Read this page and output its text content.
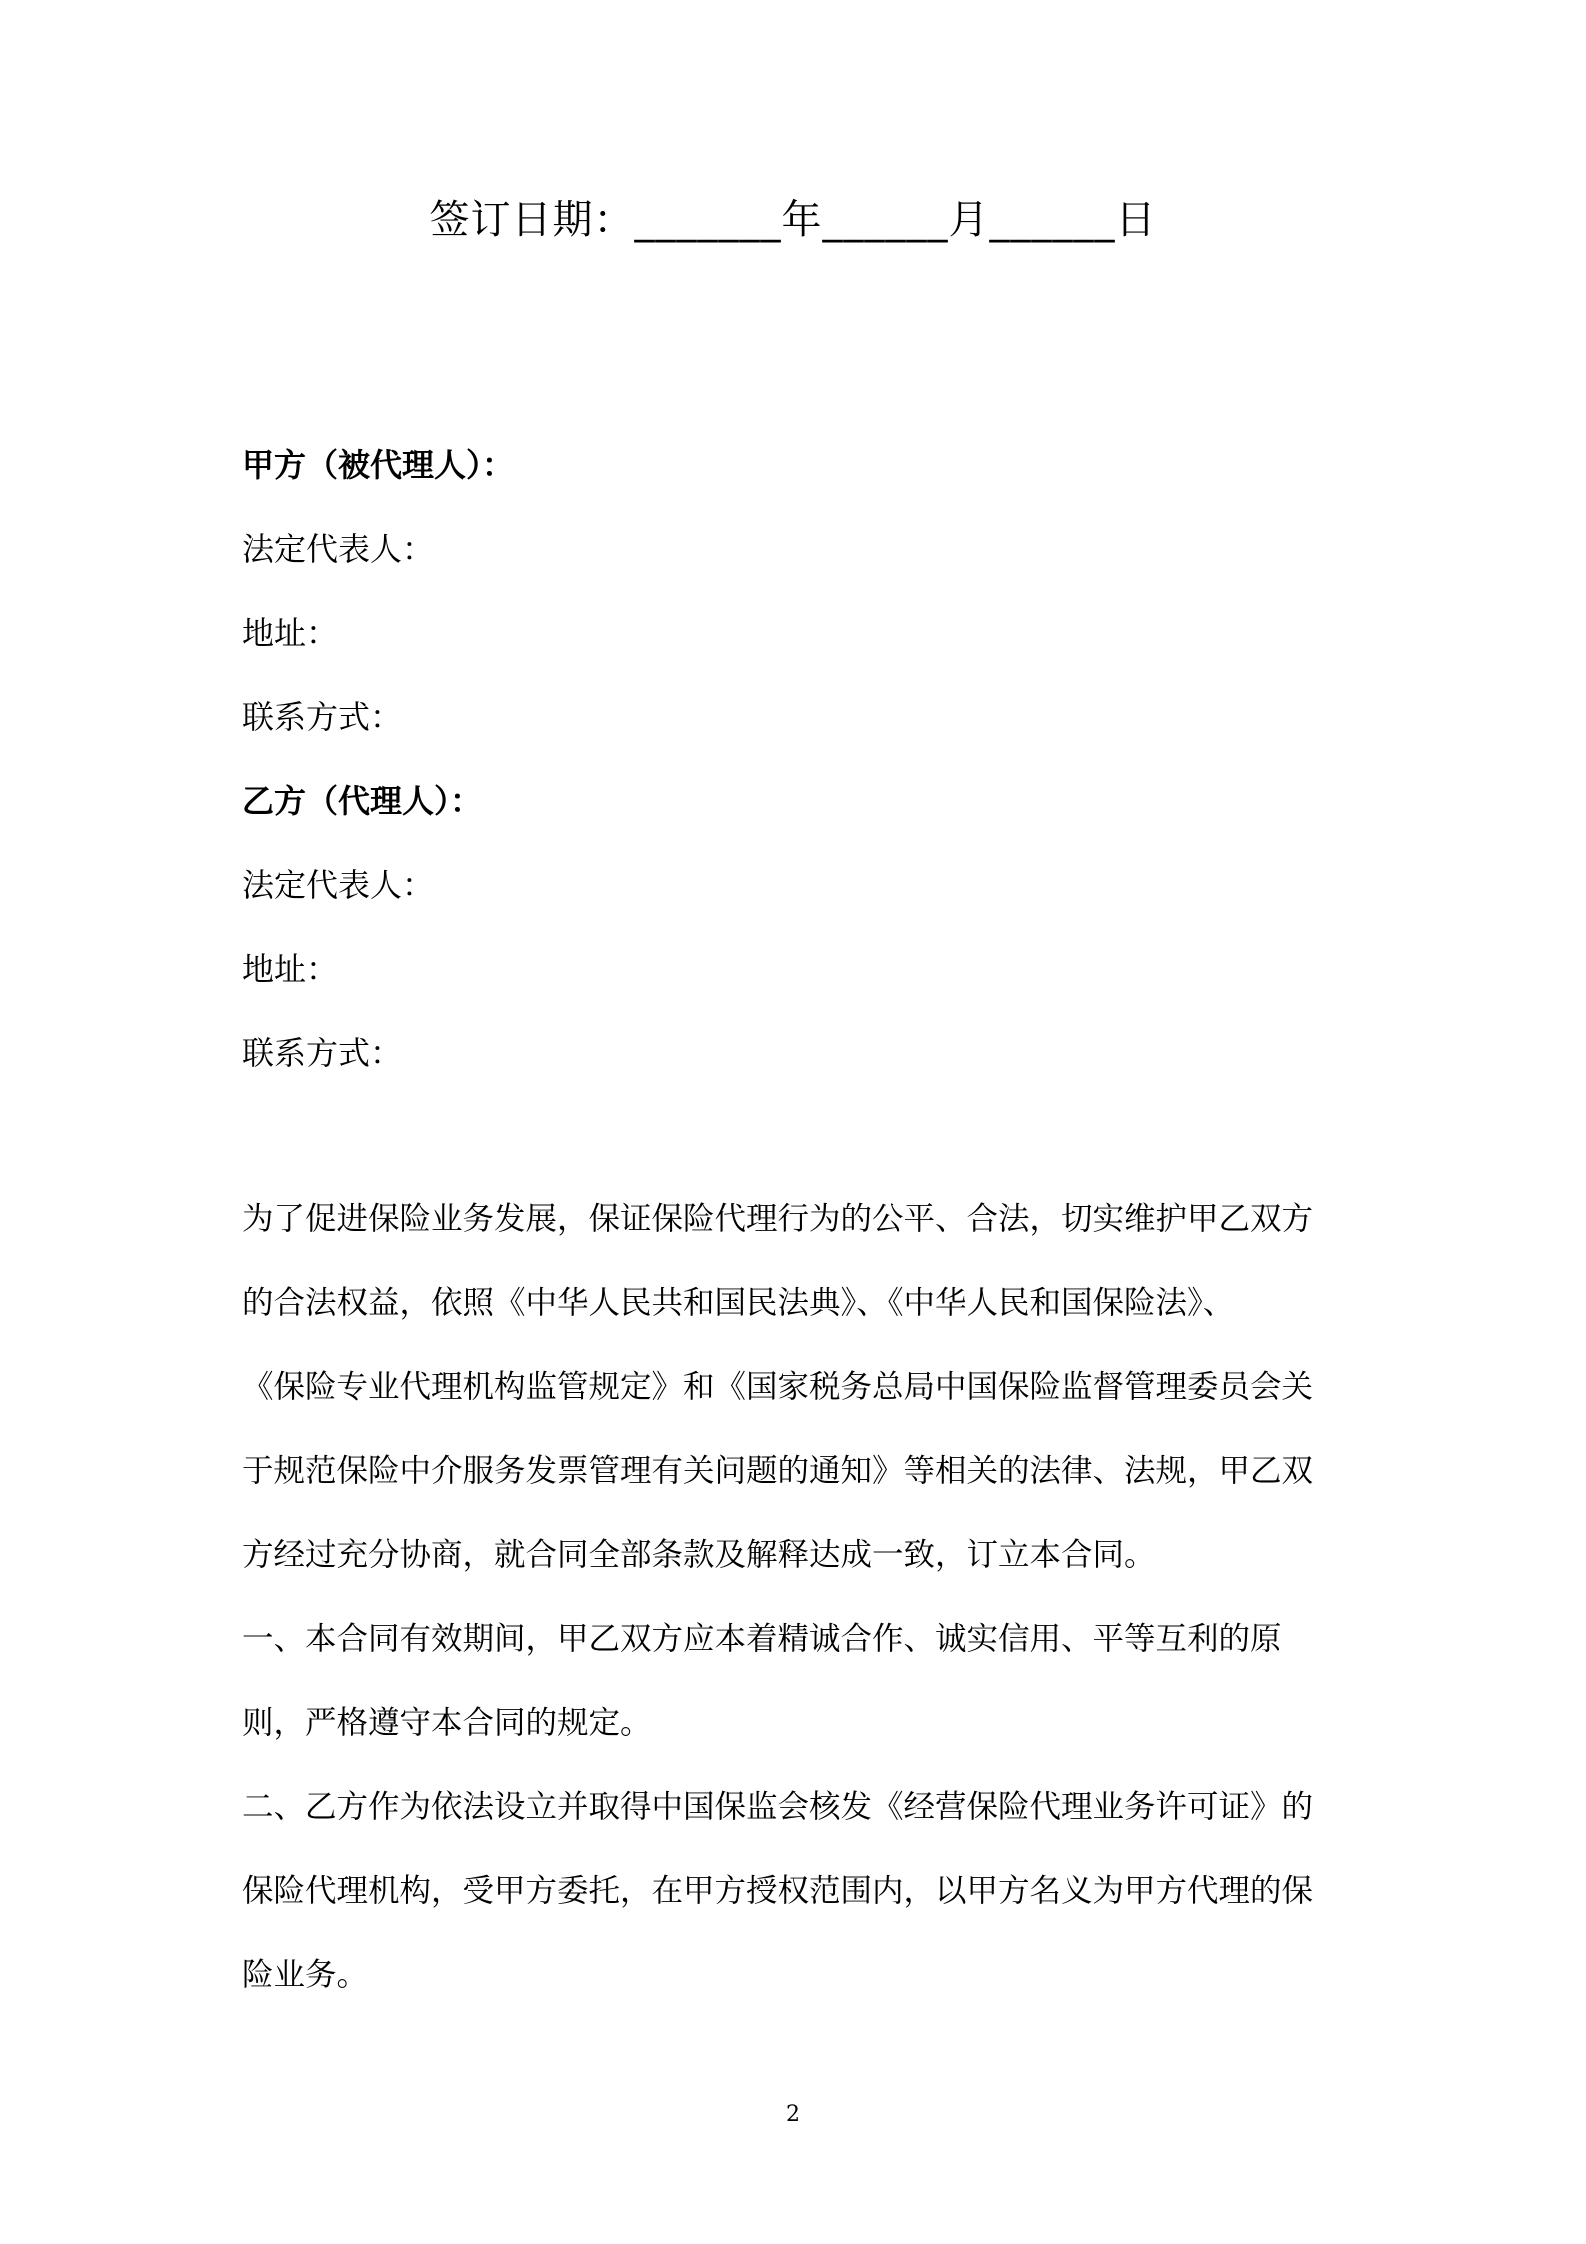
签订日期：_______年______月______日

甲方（被代理人）：

法定代表人：

地址：

联系方式：

乙方（代理人）：

法定代表人：

地址：

联系方式：

为了促进保险业务发展，保证保险代理行为的公平、合法，切实维护甲乙双方

的合法权益，依照《中华人民共和国民法典》、《中华人民和国保险法》、

《保险专业代理机构监管规定》和《国家税务总局中国保险监督管理委员会关

于规范保险中介服务发票管理有关问题的通知》等相关的法律、法规，甲乙双

方经过充分协商，就合同全部条款及解释达成一致，订立本合同。

一、本合同有效期间，甲乙双方应本着精诚合作、诚实信用、平等互利的原

则，严格遵守本合同的规定。

二、乙方作为依法设立并取得中国保监会核发《经营保险代理业务许可证》的

保险代理机构，受甲方委托，在甲方授权范围内，以甲方名义为甲方代理的保

险业务。

2
